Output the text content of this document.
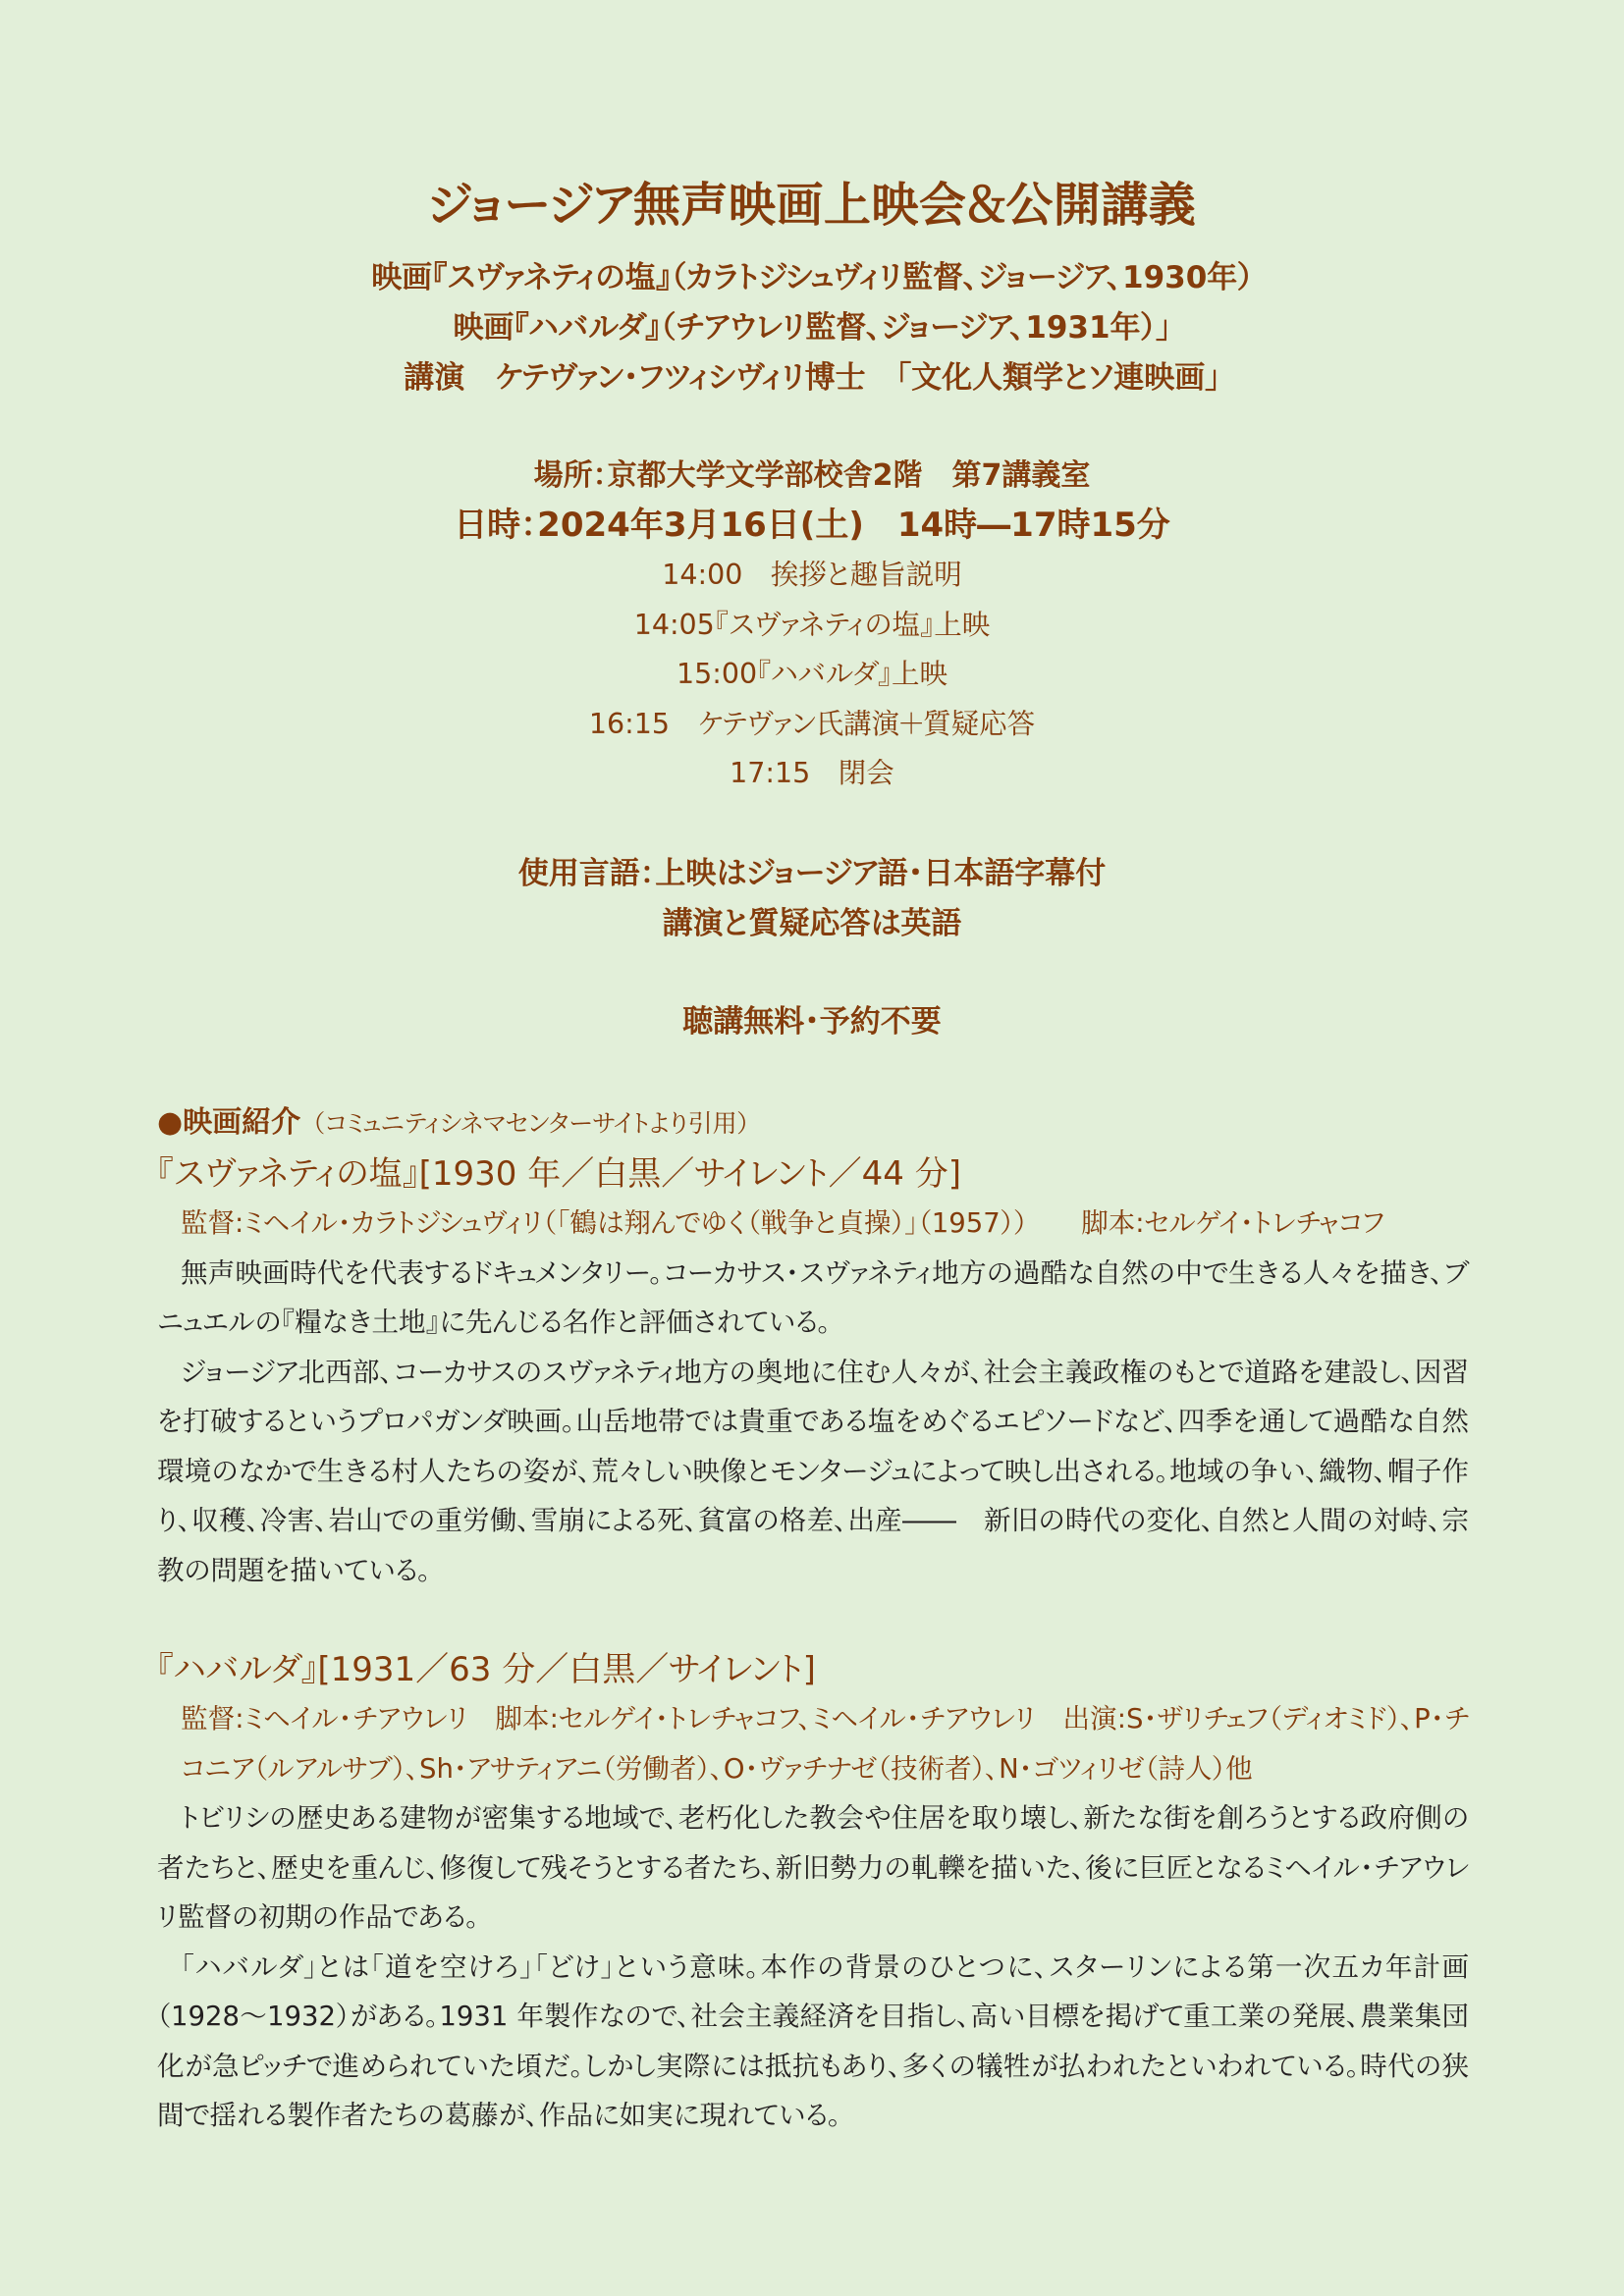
ジョージア無声映画上映会＆公開講義
映画『スヴァネティの塩』（カラトジシュヴィリ監督、ジョージア、1930年）
映画『ハバルダ』（チアウレリ監督、ジョージア、1931年）」
講演　ケテヴァン・フツィシヴィリ博士　「文化人類学とソ連映画」
場所：京都大学文学部校舎2階　第7講義室
日時：2024年3月16日(土)　14時―17時15分
14:00　挨拶と趣旨説明
14:05『スヴァネティの塩』上映
15:00『ハバルダ』上映
16:15　ケテヴァン氏講演＋質疑応答
17:15　閉会
使用言語：上映はジョージア語・日本語字幕付
講演と質疑応答は英語
聴講無料・予約不要
●映画紹介 （コミュニティシネマセンターサイトより引用）
『スヴァネティの塩』[1930 年／白黒／サイレント／44 分]
監督:ミヘイル・カラトジシュヴィリ（「鶴は翔んでゆく（戦争と貞操）」（1957））　　脚本:セルゲイ・トレチャコフ

無声映画時代を代表するドキュメンタリー。コーカサス・スヴァネティ地方の過酷な自然の中で生きる人々を描き、ブニュエルの『糧なき土地』に先んじる名作と評価されている。

ジョージア北西部、コーカサスのスヴァネティ地方の奥地に住む人々が、社会主義政権のもとで道路を建設し、因習を打破するというプロパガンダ映画。山岳地帯では貴重である塩をめぐるエピソードなど、四季を通して過酷な自然環境のなかで生きる村人たちの姿が、荒々しい映像とモンタージュによって映し出される。地域の争い、織物、帽子作り、収穫、冷害、岩山での重労働、雪崩による死、貧富の格差、出産――　新旧の時代の変化、自然と人間の対峙、宗教の問題を描いている。

『ハバルダ』[1931／63 分／白黒／サイレント]
監督:ミヘイル・チアウレリ　脚本:セルゲイ・トレチャコフ、ミヘイル・チアウレリ　出演:S・ザリチェフ（ディオミド）、P・チコニア（ルアルサブ）、Sh・アサティアニ（労働者）、O・ヴァチナゼ（技術者）、N・ゴツィリゼ（詩人）他

トビリシの歴史ある建物が密集する地域で、老朽化した教会や住居を取り壊し、新たな街を創ろうとする政府側の者たちと、歴史を重んじ、修復して残そうとする者たち、新旧勢力の軋轢を描いた、後に巨匠となるミヘイル・チアウレリ監督の初期の作品である。

「ハバルダ」とは「道を空けろ」「どけ」という意味。本作の背景のひとつに、スターリンによる第一次五カ年計画（1928～1932）がある。1931 年製作なので、社会主義経済を目指し、高い目標を掲げて重工業の発展、農業集団化が急ピッチで進められていた頃だ。しかし実際には抵抗もあり、多くの犠牲が払われたといわれている。時代の狭間で揺れる製作者たちの葛藤が、作品に如実に現れている。
